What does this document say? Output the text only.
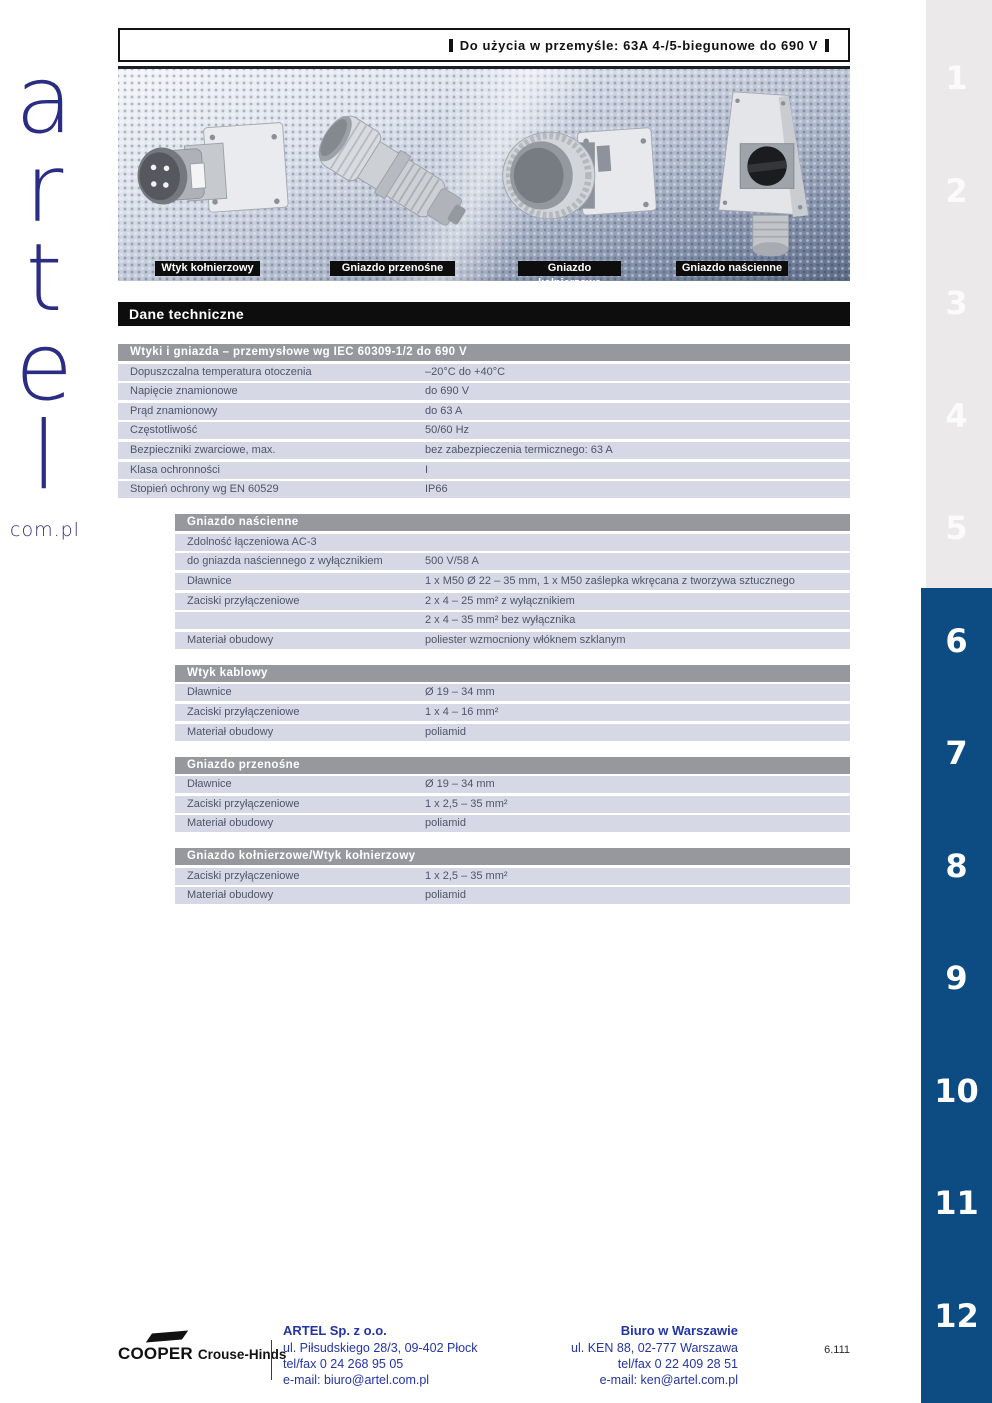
a
r
t
e
l
com.pl
Do użycia w przemyśle: 63A 4-/5-biegunowe do 690 V
Wtyk kołnierzowy	Gniazdo przenośne	Gniazdo kołnierzowe
Gniazdo naścienne
Dane techniczne
Wtyki i gniazda – przemysłowe wg IEC 60309-1/2 do 690 V
Dopuszczalna temperatura otoczenia	–20°C do +40°C
Napięcie znamionowe	do 690 V
Prąd znamionowy	do 63 A
Częstotliwość	50/60 Hz
Bezpieczniki zwarciowe, max.	bez zabezpieczenia termicznego: 63 A
Klasa ochronności	I
Stopień ochrony wg EN 60529	IP66
Gniazdo naścienne
Zdolność łączeniowa AC-3
do gniazda naściennego z wyłącznikiem	500 V/58 A
Dławnice	1 x M50 Ø 22 – 35 mm, 1 x M50 zaślepka wkręcana z tworzywa sztucznego
Zaciski przyłączeniowe	2 x 4 – 25 mm² z wyłącznikiem
2 x 4 – 35 mm² bez wyłącznika
Materiał obudowy	poliester wzmocniony włóknem szklanym
Wtyk kablowy
Dławnice	Ø 19 – 34 mm
Zaciski przyłączeniowe	1 x 4 – 16 mm²
Materiał obudowy	poliamid
Gniazdo przenośne
Dławnice	Ø 19 – 34 mm
Zaciski przyłączeniowe	1 x 2,5 – 35 mm²
Materiał obudowy	poliamid
Gniazdo kołnierzowe/Wtyk kołnierzowy
Zaciski przyłączeniowe	1 x 2,5 – 35 mm²
Materiał obudowy	poliamid
1
2
3
4
5
6
7
8
9
10
11
12
COOPER Crouse-Hinds
ARTEL Sp. z o.o.
ul. Piłsudskiego 28/3, 09-402 Płock
tel/fax 0 24 268 95 05
e-mail: biuro@artel.com.pl
Biuro w Warszawie
ul. KEN 88, 02-777 Warszawa
tel/fax 0 22 409 28 51
e-mail: ken@artel.com.pl
6.111
